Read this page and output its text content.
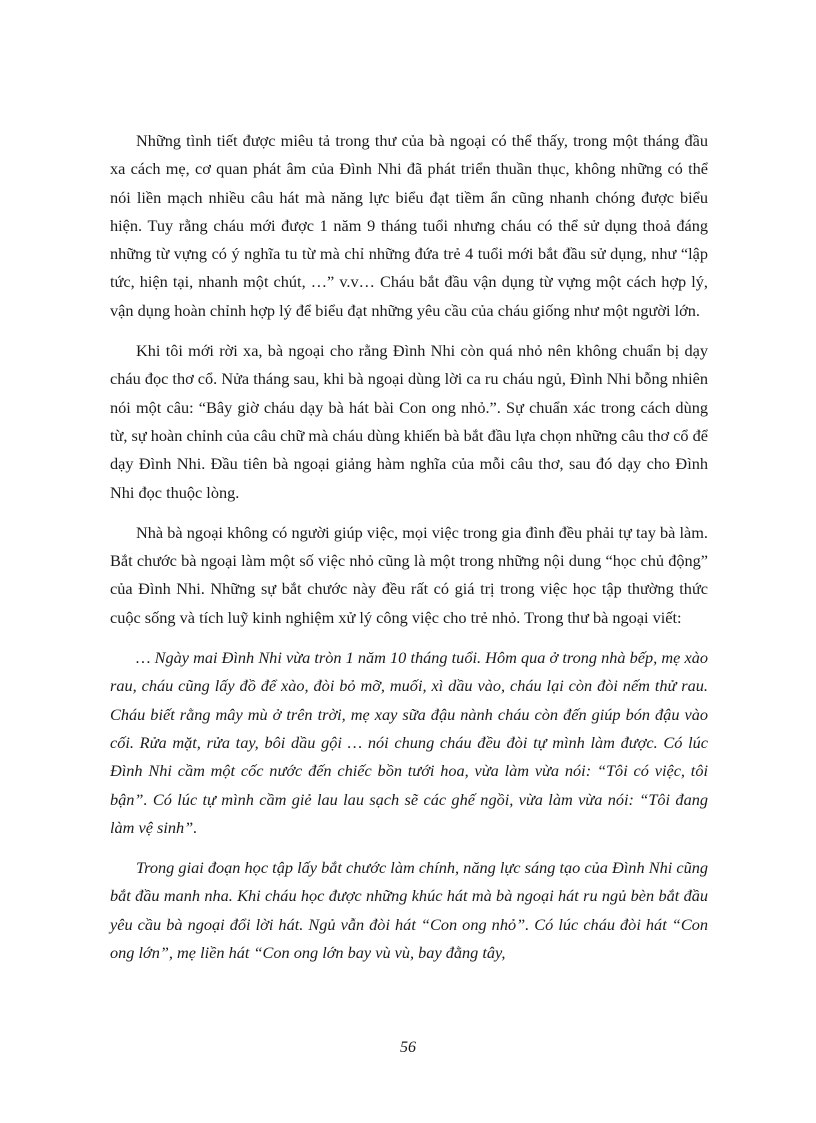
Những tình tiết được miêu tả trong thư của bà ngoại có thể thấy, trong một tháng đầu xa cách mẹ, cơ quan phát âm của Đình Nhi đã phát triển thuần thục, không những có thể nói liền mạch nhiều câu hát mà năng lực biểu đạt tiềm ẩn cũng nhanh chóng được biểu hiện. Tuy rằng cháu mới được 1 năm 9 tháng tuổi nhưng cháu có thể sử dụng thoả đáng những từ vựng có ý nghĩa tu từ mà chỉ những đứa trẻ 4 tuổi mới bắt đầu sử dụng, như “lập tức, hiện tại, nhanh một chút, …” v.v… Cháu bắt đầu vận dụng từ vựng một cách hợp lý, vận dụng hoàn chỉnh hợp lý để biểu đạt những yêu cầu của cháu giống như một người lớn.

Khi tôi mới rời xa, bà ngoại cho rằng Đình Nhi còn quá nhỏ nên không chuẩn bị dạy cháu đọc thơ cổ. Nửa tháng sau, khi bà ngoại dùng lời ca ru cháu ngủ, Đình Nhi bỗng nhiên nói một câu: “Bây giờ cháu dạy bà hát bài Con ong nhỏ.”. Sự chuẩn xác trong cách dùng từ, sự hoàn chỉnh của câu chữ mà cháu dùng khiến bà bắt đầu lựa chọn những câu thơ cổ để dạy Đình Nhi. Đầu tiên bà ngoại giảng hàm nghĩa của mỗi câu thơ, sau đó dạy cho Đình Nhi đọc thuộc lòng.

Nhà bà ngoại không có người giúp việc, mọi việc trong gia đình đều phải tự tay bà làm. Bắt chước bà ngoại làm một số việc nhỏ cũng là một trong những nội dung “học chủ động” của Đình Nhi. Những sự bắt chước này đều rất có giá trị trong việc học tập thường thức cuộc sống và tích luỹ kinh nghiệm xử lý công việc cho trẻ nhỏ. Trong thư bà ngoại viết:

… Ngày mai Đình Nhi vừa tròn 1 năm 10 tháng tuổi. Hôm qua ở trong nhà bếp, mẹ xào rau, cháu cũng lấy đồ để xào, đòi bỏ mỡ, muối, xì dầu vào, cháu lại còn đòi nếm thử rau. Cháu biết rằng mây mù ở trên trời, mẹ xay sữa đậu nành cháu còn đến giúp bón đậu vào cối. Rửa mặt, rửa tay, bôi dầu gội … nói chung cháu đều đòi tự mình làm được. Có lúc Đình Nhi cầm một cốc nước đến chiếc bồn tưới hoa, vừa làm vừa nói: “Tôi có việc, tôi bận”. Có lúc tự mình cầm giẻ lau lau sạch sẽ các ghế ngồi, vừa làm vừa nói: “Tôi đang làm vệ sinh”.

Trong giai đoạn học tập lấy bắt chước làm chính, năng lực sáng tạo của Đình Nhi cũng bắt đầu manh nha. Khi cháu học được những khúc hát mà bà ngoại hát ru ngủ bèn bắt đầu yêu cầu bà ngoại đổi lời hát. Ngủ vẫn đòi hát “Con ong nhỏ”. Có lúc cháu đòi hát “Con ong lớn”, mẹ liền hát “Con ong lớn bay vù vù, bay đằng tây,

56
